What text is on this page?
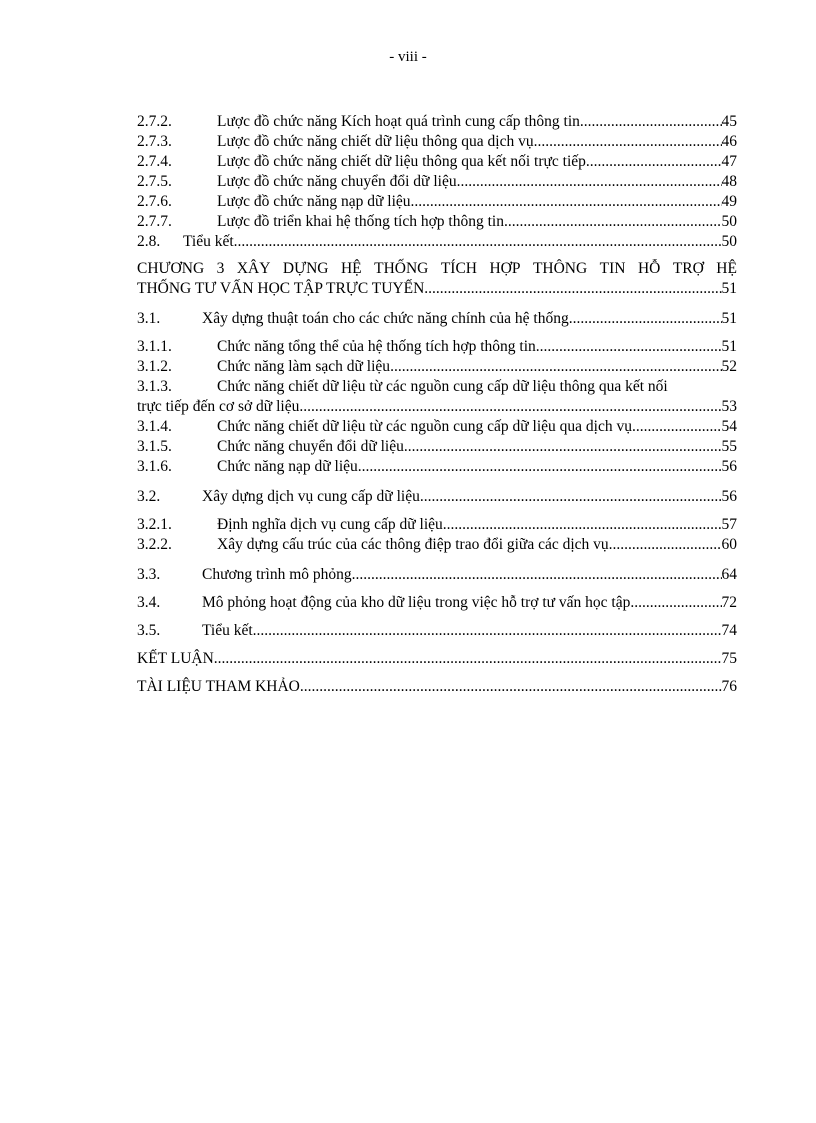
- viii -
2.7.2.	Lược đồ chức năng Kích hoạt quá trình cung cấp thông tin .....	45
2.7.3.	Lược đồ chức năng chiết dữ liệu thông qua dịch vụ .....	46
2.7.4.	Lược đồ chức năng chiết dữ liệu thông qua kết nối trực tiếp .....	47
2.7.5.	Lược đồ chức năng chuyển đổi dữ liệu .....	48
2.7.6.	Lược đồ chức năng nạp dữ liệu .....	49
2.7.7.	Lược đồ triển khai hệ thống tích hợp thông tin .....	50
2.8.	Tiểu kết .....	50
CHƯƠNG 3 XÂY DỰNG HỆ THỐNG TÍCH HỢP THÔNG TIN HỖ TRỢ HỆ
THỐNG TƯ VẤN HỌC TẬP TRỰC TUYẾN .....	51
3.1.	Xây dựng thuật toán cho các chức năng chính của hệ thống .....	51
3.1.1.	Chức năng tổng thể của hệ thống tích hợp thông tin .....	51
3.1.2.	Chức năng làm sạch dữ liệu .....	52
3.1.3.	Chức năng chiết dữ liệu từ các nguồn cung cấp dữ liệu thông qua kết nối
trực tiếp đến cơ sở dữ liệu .....	53
3.1.4.	Chức năng chiết dữ liệu từ các nguồn cung cấp dữ liệu qua dịch vụ .....	54
3.1.5.	Chức năng chuyển đổi dữ liệu .....	55
3.1.6.	Chức năng nạp dữ liệu .....	56
3.2.	Xây dựng dịch vụ cung cấp dữ liệu .....	56
3.2.1.	Định nghĩa dịch vụ cung cấp dữ liệu .....	57
3.2.2.	Xây dựng cấu trúc của các thông điệp trao đổi giữa các dịch vụ .....	60
3.3.	Chương trình mô phỏng .....	64
3.4.	Mô phỏng hoạt động của kho dữ liệu trong việc hỗ trợ tư vấn học tập .....	72
3.5.	Tiểu kết .....	74
KẾT LUẬN .....	75
TÀI LIỆU THAM KHẢO .....	76
